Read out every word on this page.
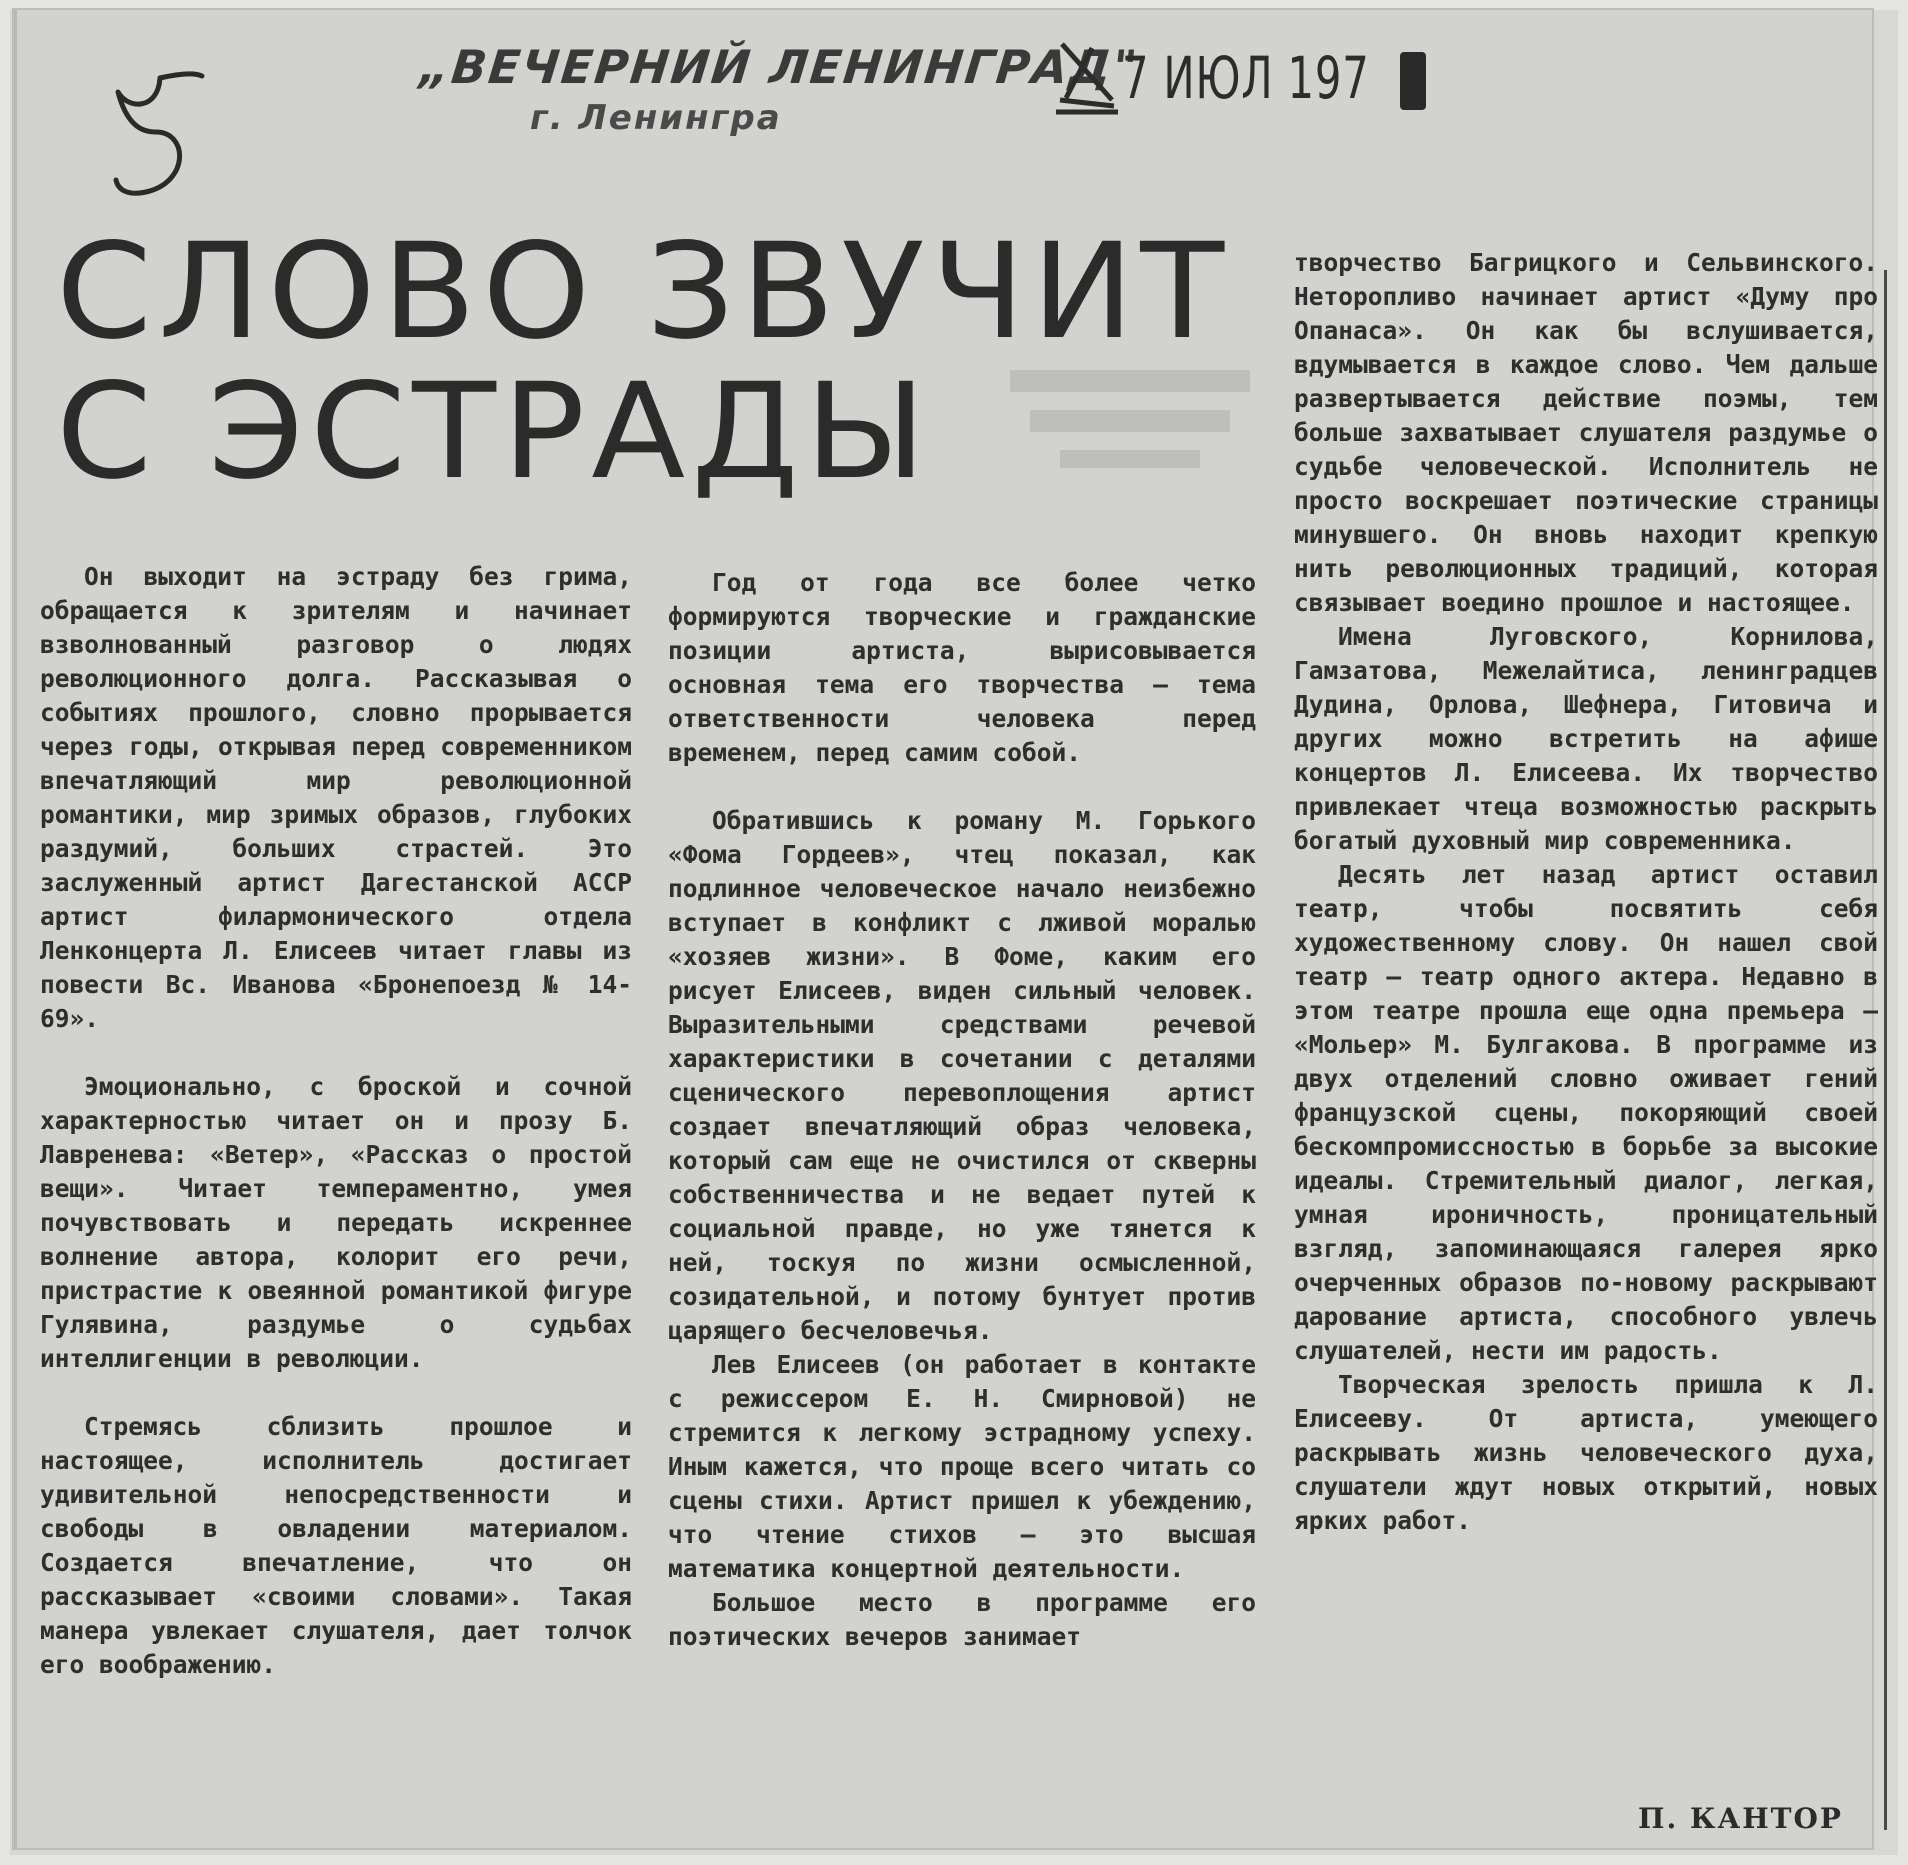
„ВЕЧЕРНИЙ ЛЕНИНГРАД"
г. Ленингра
7 ИЮЛ 197
СЛОВО ЗВУЧИТ
С ЭСТРАДЫ

Он выходит на эстраду без грима, обращается к зрителям и начинает взволнованный разговор о людях революционного долга. Рассказывая о событиях прошлого, словно прорывается через годы, открывая перед современником впечатляющий мир революционной романтики, мир зримых образов, глубоких раздумий, больших страстей. Это заслуженный артист Дагестанской АССР артист филармонического отдела Ленконцерта Л. Елисеев читает главы из повести Вс. Иванова «Бронепоезд № 14-69».

Эмоционально, с броской и сочной характерностью читает он и прозу Б. Лавренева: «Ветер», «Рассказ о простой вещи». Читает темпераментно, умея почувствовать и передать искреннее волнение автора, колорит его речи, пристрастие к овеянной романтикой фигуре Гулявина, раздумье о судьбах интеллигенции в революции.

Стремясь сблизить прошлое и настоящее, исполнитель достигает удивительной непосредственности и свободы в овладении материалом. Создается впечатление, что он рассказывает «своими словами». Такая манера увлекает слушателя, дает толчок его воображению.

Год от года все более четко формируются творческие и гражданские позиции артиста, вырисовывается основная тема его творчества — тема ответственности человека перед временем, перед самим собой.

Обратившись к роману М. Горького «Фома Гордеев», чтец показал, как подлинное человеческое начало неизбежно вступает в конфликт с лживой моралью «хозяев жизни». В Фоме, каким его рисует Елисеев, виден сильный человек. Выразительными средствами речевой характеристики в сочетании с деталями сценического перевоплощения артист создает впечатляющий образ человека, который сам еще не очистился от скверны собственничества и не ведает путей к социальной правде, но уже тянется к ней, тоскуя по жизни осмысленной, созидательной, и потому бунтует против царящего бесчеловечья.

Лев Елисеев (он работает в контакте с режиссером Е. Н. Смирновой) не стремится к легкому эстрадному успеху. Иным кажется, что проще всего читать со сцены стихи. Артист пришел к убеждению, что чтение стихов — это высшая математика концертной деятельности.

Большое место в программе его поэтических вечеров занимает

творчество Багрицкого и Сельвинского. Неторопливо начинает артист «Думу про Опанаса». Он как бы вслушивается, вдумывается в каждое слово. Чем дальше развертывается действие поэмы, тем больше захватывает слушателя раздумье о судьбе человеческой. Исполнитель не просто воскрешает поэтические страницы минувшего. Он вновь находит крепкую нить революционных традиций, которая связывает воедино прошлое и настоящее.

Имена Луговского, Корнилова, Гамзатова, Межелайтиса, ленинградцев Дудина, Орлова, Шефнера, Гитовича и других можно встретить на афише концертов Л. Елисеева. Их творчество привлекает чтеца возможностью раскрыть богатый духовный мир современника.

Десять лет назад артист оставил театр, чтобы посвятить себя художественному слову. Он нашел свой театр — театр одного актера. Недавно в этом театре прошла еще одна премьера — «Мольер» М. Булгакова. В программе из двух отделений словно оживает гений французской сцены, покоряющий своей бескомпромиссностью в борьбе за высокие идеалы. Стремительный диалог, легкая, умная ироничность, проницательный взгляд, запоминающаяся галерея ярко очерченных образов по-новому раскрывают дарование артиста, способного увлечь слушателей, нести им радость.

Творческая зрелость пришла к Л. Елисееву. От артиста, умеющего раскрывать жизнь человеческого духа, слушатели ждут новых открытий, новых ярких работ.

П. КАНТОР
